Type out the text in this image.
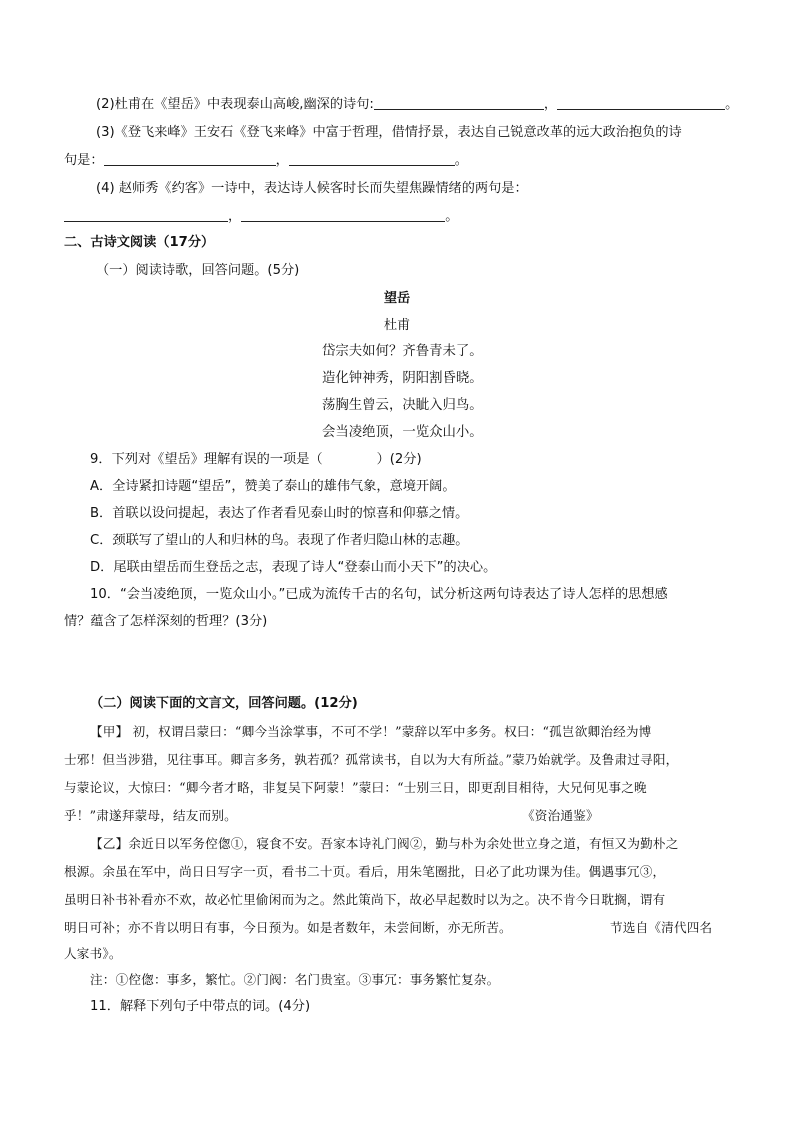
(2)杜甫在《望岳》中表现泰山高峻,幽深的诗句:	，	。
(3)《登飞来峰》王安石《登飞来峰》中富于哲理，借情抒景，表达自己锐意改革的远大政治抱负的诗
句是：	，	。
(4) 赵师秀《约客》一诗中，表达诗人候客时长而失望焦躁情绪的两句是：
，	。
二、古诗文阅读（17分）
（一）阅读诗歌，回答问题。(5分)
望岳
杜甫
岱宗夫如何？齐鲁青未了。
造化钟神秀，阴阳割昏晓。
荡胸生曾云，决眦入归鸟。
会当凌绝顶，一览众山小。
9．下列对《望岳》理解有误的一项是（	）(2分)
A．全诗紧扣诗题“望岳”，赞美了泰山的雄伟气象，意境开阔。
B．首联以设问提起，表达了作者看见泰山时的惊喜和仰慕之情。
C．颈联写了望山的人和归林的鸟。表现了作者归隐山林的志趣。
D．尾联由望岳而生登岳之志，表现了诗人“登泰山而小天下”的决心。
10．“会当凌绝顶，一览众山小。”已成为流传千古的名句，试分析这两句诗表达了诗人怎样的思想感
情？蕴含了怎样深刻的哲理？(3分)
（二）阅读下面的文言文，回答问题。(12分)
【甲】 初，权谓吕蒙曰：“卿今当涂掌事，不可不学！”蒙辞以军中多务。权曰：“孤岂欲卿治经为博
士邪！但当涉猎，见往事耳。卿言多务，孰若孤？孤常读书，自以为大有所益。”蒙乃始就学。及鲁肃过寻阳，
与蒙论议，大惊曰：“卿今者才略，非复吴下阿蒙！”蒙曰：“士别三日，即更刮目相待，大兄何见事之晚
乎！”肃遂拜蒙母，结友而别。	《资治通鉴》
【乙】余近日以军务倥偬①，寝食不安。吾家本诗礼门阀②，勤与朴为余处世立身之道，有恒又为勤朴之
根源。余虽在军中，尚日日写字一页，看书二十页。看后，用朱笔圈批，日必了此功课为佳。偶遇事冗③，
虽明日补书补看亦不欢，故必忙里偷闲而为之。然此策尚下，故必早起数时以为之。决不肯今日耽搁，谓有
明日可补；亦不肯以明日有事，今日预为。如是者数年，未尝间断，亦无所苦。	节选自《清代四名
人家书》。
注：①倥偬：事多，繁忙。②门阀：名门贵室。③事冗：事务繁忙复杂。
11．解释下列句子中带点的词。(4分)
